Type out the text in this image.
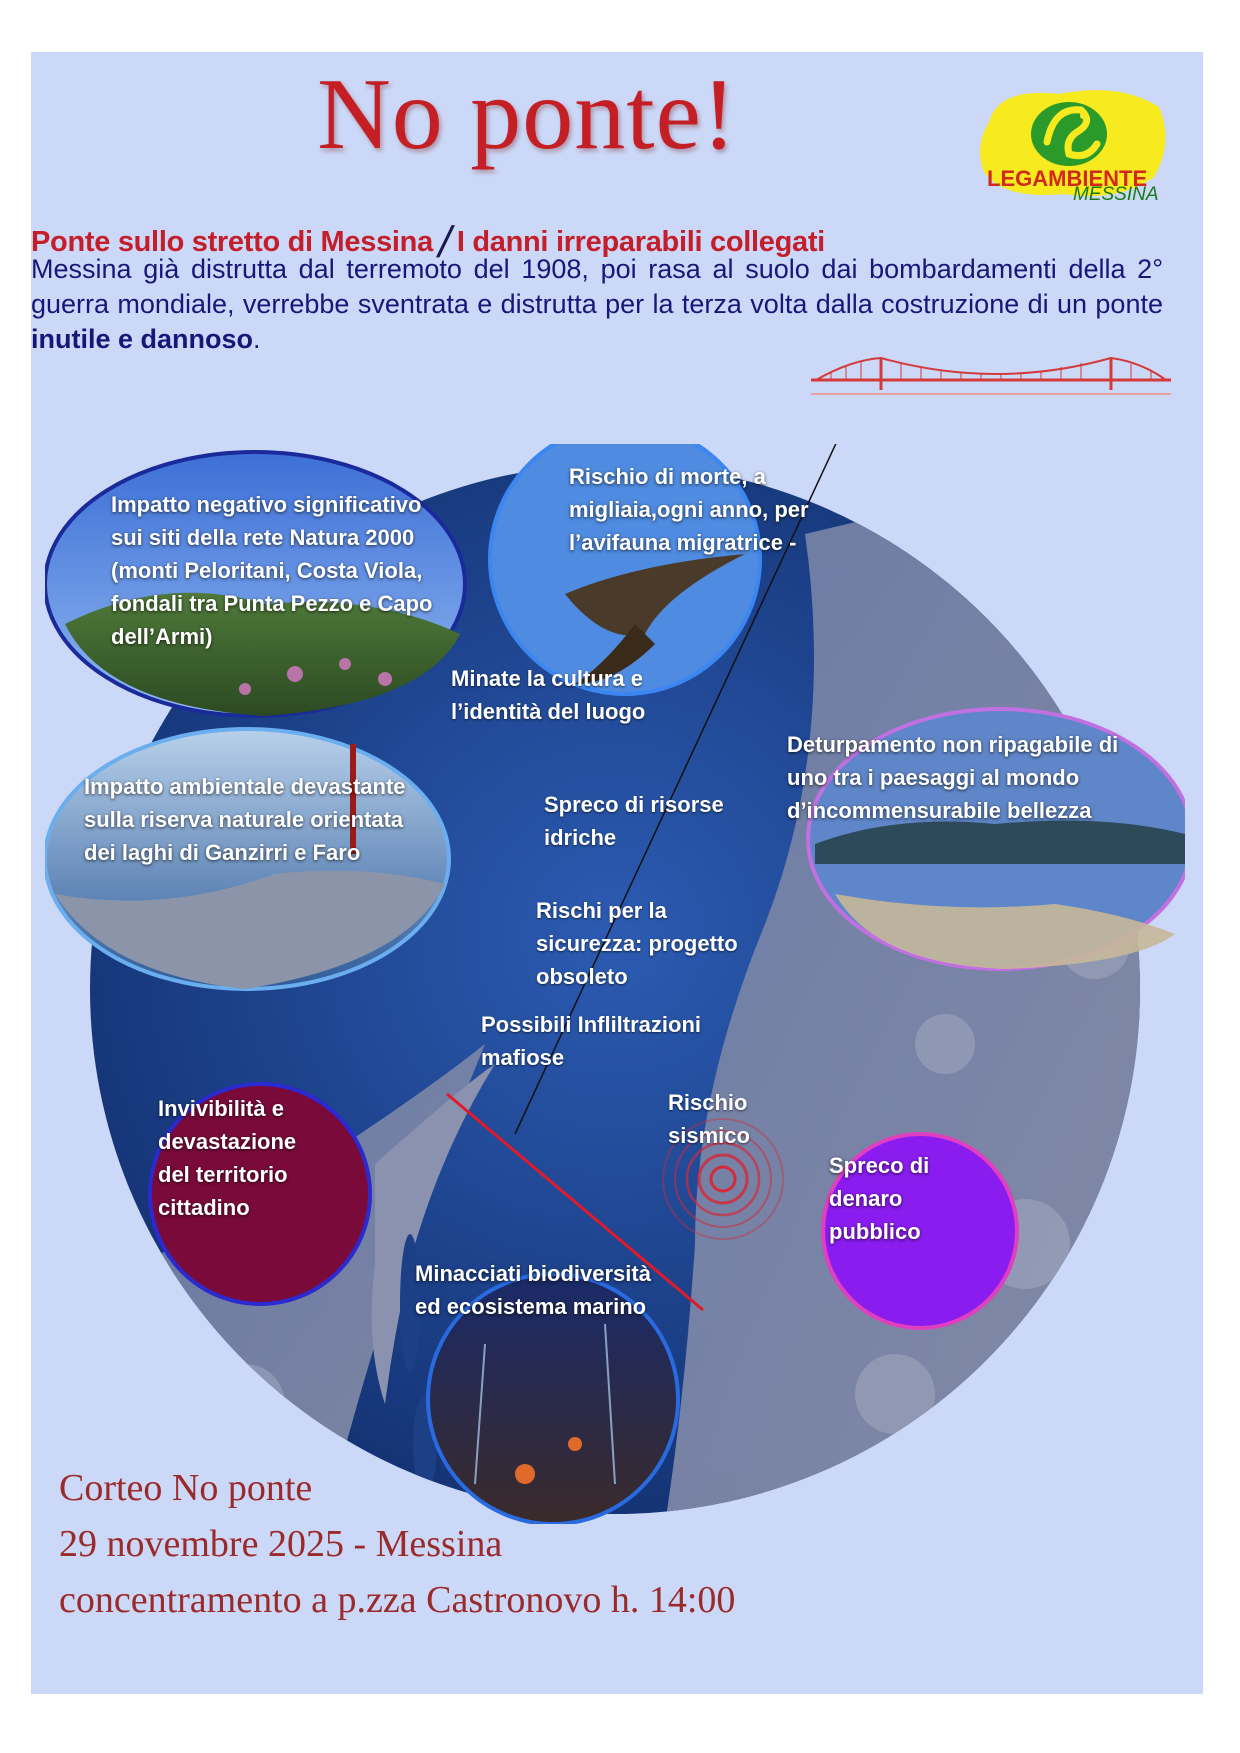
No ponte!
LEGAMBIENTE
MESSINA
Ponte sullo stretto di Messina/I danni irreparabili collegati
Messina già distrutta dal terremoto del 1908, poi rasa al suolo dai bombardamenti della 2° guerra mondiale, verrebbe sventrata e distrutta per la terza volta dalla costruzione di un ponte inutile e dannoso.
Impatto negativo significativo sui siti della rete Natura 2000 (monti Peloritani, Costa Viola, fondali tra Punta Pezzo e Capo dell’Armi)
Rischio di morte, a migliaia,ogni anno, per l’avifauna migratrice -
Impatto ambientale devastante sulla riserva naturale orientata dei laghi di Ganzirri e Faro
Deturpamento non ripagabile di uno tra i paesaggi al mondo d’incommensurabile bellezza
Invivibilità e devastazione del territorio cittadino
Spreco di denaro pubblico
Minacciati biodiversità ed ecosistema marino
Minate la cultura e l’identità del luogo
Spreco di risorse idriche
Rischi per la sicurezza: progetto obsoleto
Possibili Infliltrazioni mafiose
Rischio sismico
Corteo No ponte
29 novembre 2025 - Messina
concentramento a p.zza Castronovo h. 14:00
